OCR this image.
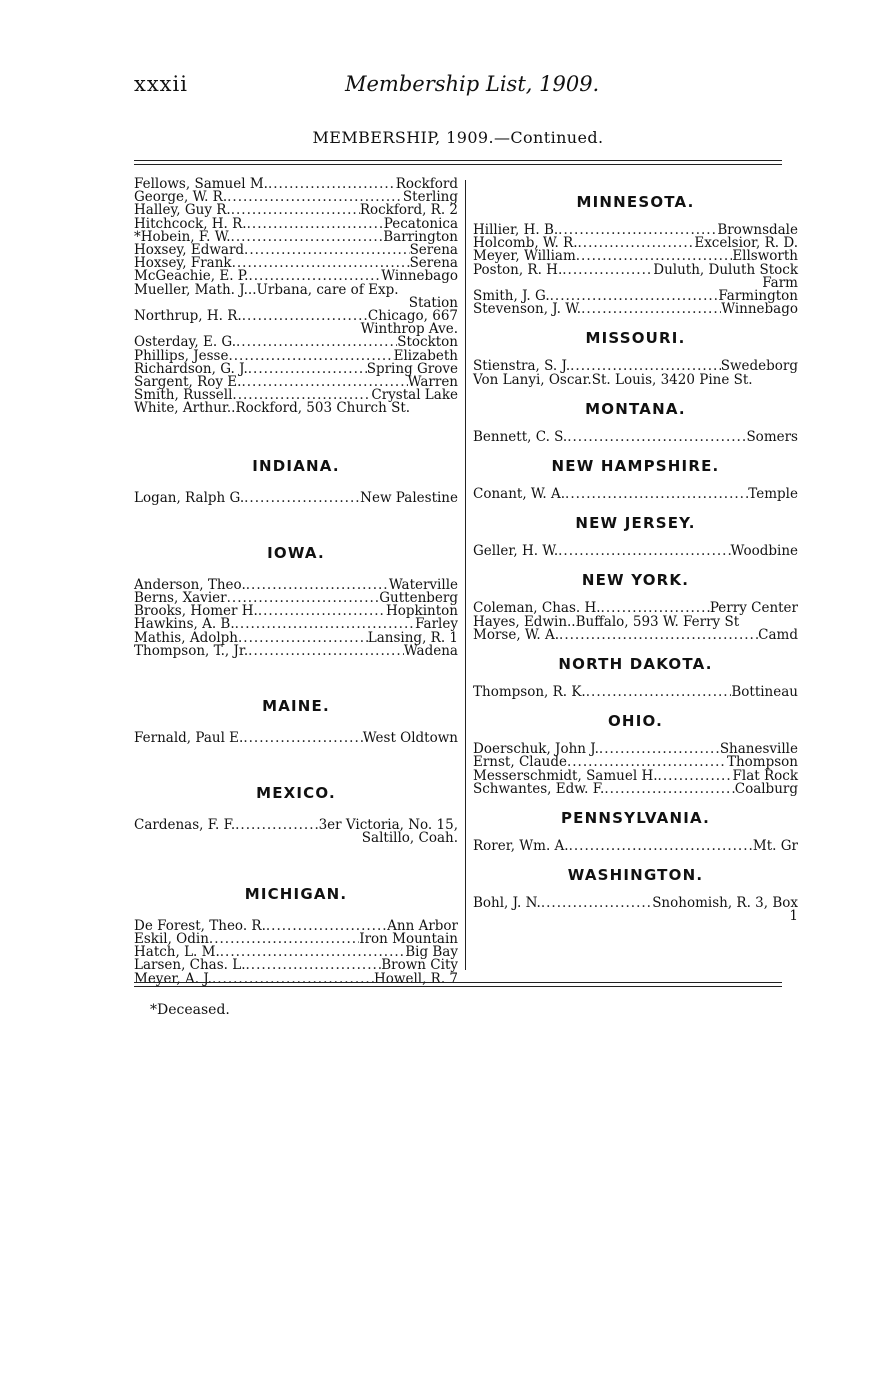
xxxii	Membership List, 1909.
MEMBERSHIP, 1909.—Continued.
Fellows, Samuel M. .....	Rockford
George, W. R. .....	Sterling
Halley, Guy R. .....	Rockford, R. 2
Hitchcock, H. R. .....	Pecatonica
*Hobein, F. W. .....	Barrington
Hoxsey, Edward .....	Serena
Hoxsey, Frank .....	Serena
McGeachie, E. P. .....	Winnebago
Mueller, Math. J...Urbana, care of Exp.
Station
Northrup, H. R. .....	Chicago, 667
Winthrop Ave.
Osterday, E. G. .....	Stockton
Phillips, Jesse .....	Elizabeth
Richardson, G. J. .....	Spring Grove
Sargent, Roy E. .....	Warren
Smith, Russell .....	Crystal Lake
White, Arthur..Rockford, 503 Church St.
INDIANA.
Logan, Ralph G. .....	New Palestine
IOWA.
Anderson, Theo. .....	Waterville
Berns, Xavier .....	Guttenberg
Brooks, Homer H. .....	Hopkinton
Hawkins, A. B. .....	Farley
Mathis, Adolph .....	Lansing, R. 1
Thompson, T., Jr. .....	Wadena
MAINE.
Fernald, Paul E. .....	West Oldtown
MEXICO.
Cardenas, F. F. .....	3er Victoria, No. 15,
Saltillo, Coah.
MICHIGAN.
De Forest, Theo. R. .....	Ann Arbor
Eskil, Odin .....	Iron Mountain
Hatch, L. M. .....	Big Bay
Larsen, Chas. L. .....	Brown City
Meyer, A. J. .....	Howell, R. 7
MINNESOTA.
Hillier, H. B. .....	Brownsdale
Holcomb, W. R. .....	Excelsior, R. D.
Meyer, William .....	Ellsworth
Poston, R. H. .....	Duluth, Duluth Stock
Farm
Smith, J. G. .....	Farmington
Stevenson, J. W. .....	Winnebago
MISSOURI.
Stienstra, S. J. .....	Swedeborg
Von Lanyi, Oscar.St. Louis, 3420 Pine St.
MONTANA.
Bennett, C. S. .....	Somers
NEW HAMPSHIRE.
Conant, W. A. .....	Temple
NEW JERSEY.
Geller, H. W. .....	Woodbine
NEW YORK.
Coleman, Chas. H. .....	Perry Center
Hayes, Edwin..Buffalo, 593 W. Ferry St
Morse, W. A. .....	Camd
NORTH DAKOTA.
Thompson, R. K. .....	Bottineau
OHIO.
Doerschuk, John J. .....	Shanesville
Ernst, Claude .....	Thompson
Messerschmidt, Samuel H. .....	Flat Rock
Schwantes, Edw. F. .....	Coalburg
PENNSYLVANIA.
Rorer, Wm. A. .....	Mt. Gr
WASHINGTON.
Bohl, J. N. .....	Snohomish, R. 3, Box
1
*Deceased.
